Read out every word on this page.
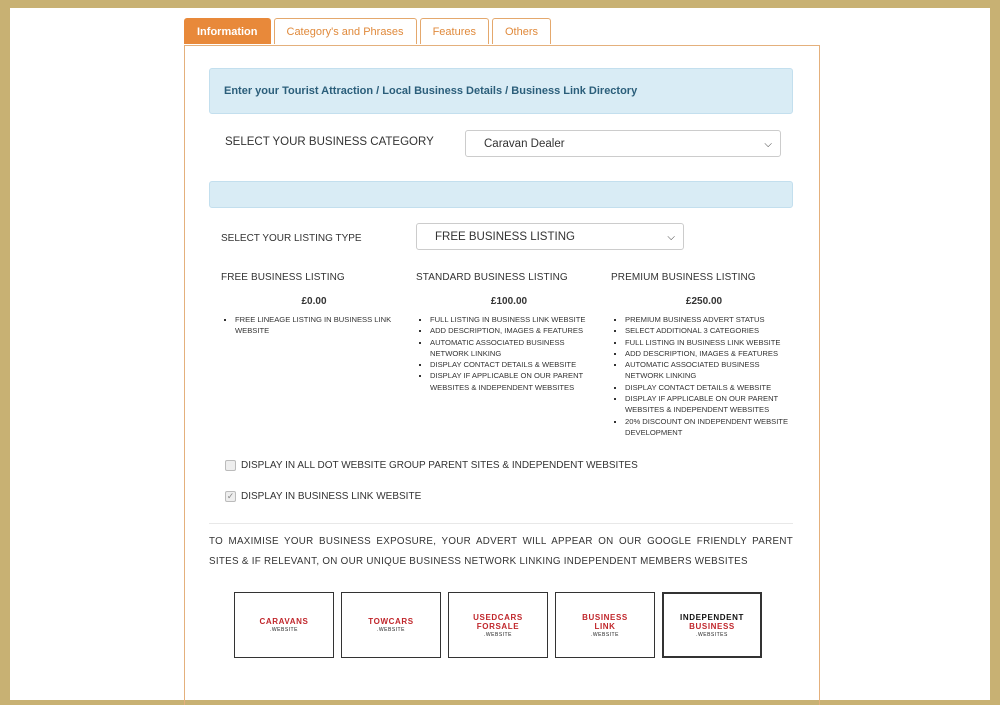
Information	Category's and Phrases	Features	Others
Enter your Tourist Attraction / Local Business Details / Business Link Directory
SELECT YOUR BUSINESS CATEGORY	Caravan Dealer	⌵
SELECT YOUR LISTING TYPE	FREE BUSINESS LISTING	⌵
FREE BUSINESS LISTING
£0.00
▪ FREE LINEAGE LISTING IN BUSINESS LINK WEBSITE
STANDARD BUSINESS LISTING
£100.00
▪ FULL LISTING IN BUSINESS LINK WEBSITE
▪ ADD DESCRIPTION, IMAGES & FEATURES
▪ AUTOMATIC ASSOCIATED BUSINESS NETWORK LINKING
▪ DISPLAY CONTACT DETAILS & WEBSITE
▪ DISPLAY IF APPLICABLE ON OUR PARENT WEBSITES & INDEPENDENT WEBSITES
PREMIUM BUSINESS LISTING
£250.00
▪ PREMIUM BUSINESS ADVERT STATUS
▪ SELECT ADDITIONAL 3 CATEGORIES
▪ FULL LISTING IN BUSINESS LINK WEBSITE
▪ ADD DESCRIPTION, IMAGES & FEATURES
▪ AUTOMATIC ASSOCIATED BUSINESS NETWORK LINKING
▪ DISPLAY CONTACT DETAILS & WEBSITE
▪ DISPLAY IF APPLICABLE ON OUR PARENT WEBSITES & INDEPENDENT WEBSITES
▪ 20% DISCOUNT ON INDEPENDENT WEBSITE DEVELOPMENT
DISPLAY IN ALL DOT WEBSITE GROUP PARENT SITES & INDEPENDENT WEBSITES
✓ DISPLAY IN BUSINESS LINK WEBSITE
TO MAXIMISE YOUR BUSINESS EXPOSURE, YOUR ADVERT WILL APPEAR ON OUR GOOGLE FRIENDLY PARENT SITES & IF RELEVANT, ON OUR UNIQUE BUSINESS NETWORK LINKING INDEPENDENT MEMBERS WEBSITES
CARAVANS
.WEBSITE
TOWCARS
.WEBSITE
USEDCARS
FORSALE
.WEBSITE
BUSINESS
LINK
.WEBSITE
INDEPENDENT
BUSINESS
.WEBSITES
